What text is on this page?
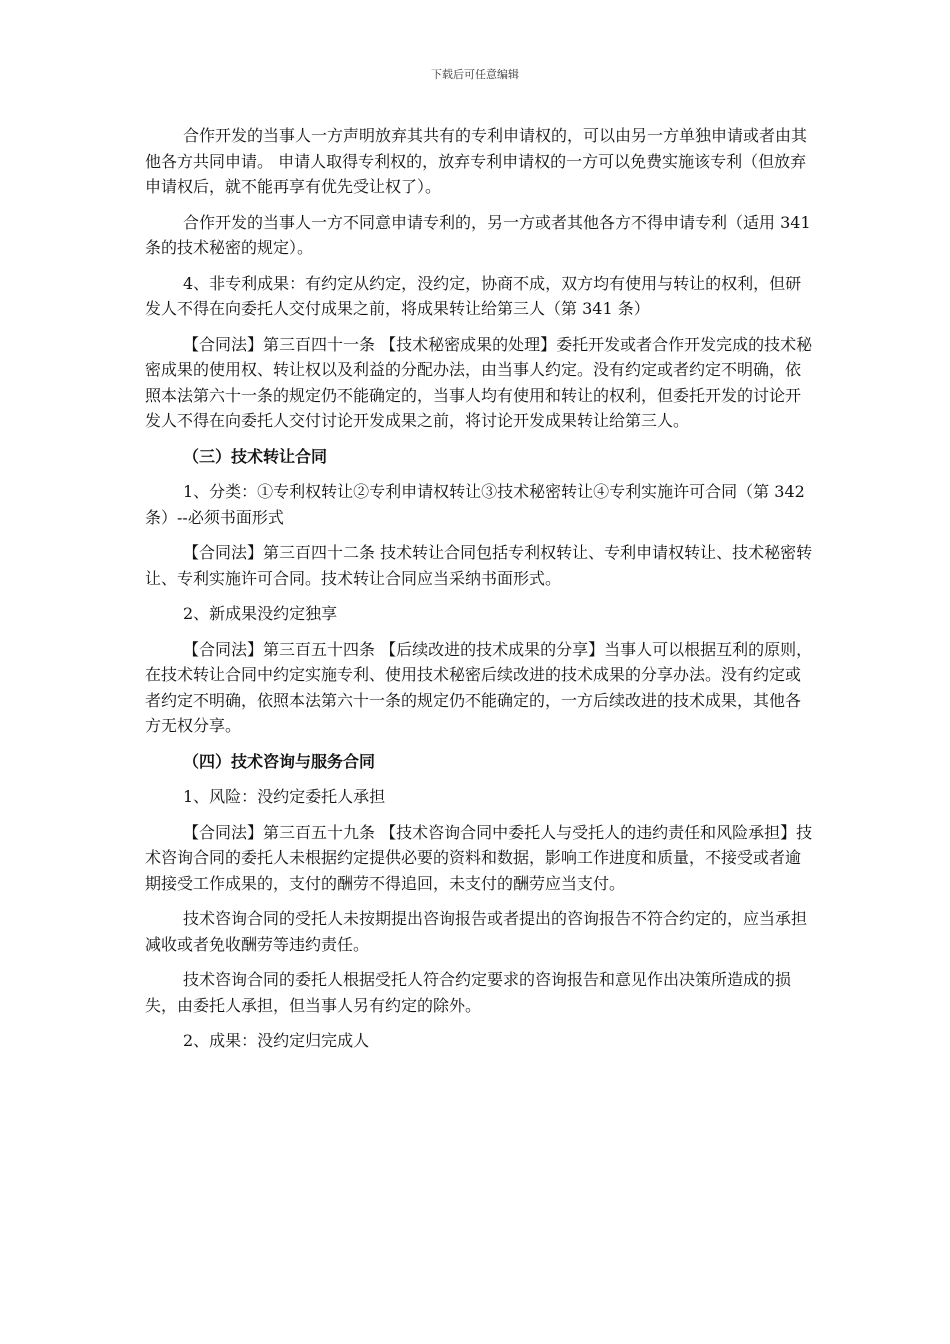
下载后可任意编辑

合作开发的当事人一方声明放弃其共有的专利申请权的，可以由另一方单独申请或者由其他各方共同申请。 申请人取得专利权的，放弃专利申请权的一方可以免费实施该专利（但放弃申请权后，就不能再享有优先受让权了）。

合作开发的当事人一方不同意申请专利的，另一方或者其他各方不得申请专利（适用 341 条的技术秘密的规定）。

4、非专利成果：有约定从约定，没约定，协商不成，双方均有使用与转让的权利，但研发人不得在向委托人交付成果之前，将成果转让给第三人（第 341 条）

【合同法】第三百四十一条 【技术秘密成果的处理】委托开发或者合作开发完成的技术秘密成果的使用权、转让权以及利益的分配办法，由当事人约定。没有约定或者约定不明确，依照本法第六十一条的规定仍不能确定的，当事人均有使用和转让的权利，但委托开发的讨论开发人不得在向委托人交付讨论开发成果之前，将讨论开发成果转让给第三人。

（三）技术转让合同

1、分类：①专利权转让②专利申请权转让③技术秘密转让④专利实施许可合同（第 342 条）--必须书面形式

【合同法】第三百四十二条 技术转让合同包括专利权转让、专利申请权转让、技术秘密转让、专利实施许可合同。技术转让合同应当采纳书面形式。

2、新成果没约定独享

【合同法】第三百五十四条 【后续改进的技术成果的分享】当事人可以根据互利的原则，在技术转让合同中约定实施专利、使用技术秘密后续改进的技术成果的分享办法。没有约定或者约定不明确，依照本法第六十一条的规定仍不能确定的，一方后续改进的技术成果，其他各方无权分享。

（四）技术咨询与服务合同

1、风险：没约定委托人承担

【合同法】第三百五十九条 【技术咨询合同中委托人与受托人的违约责任和风险承担】技术咨询合同的委托人未根据约定提供必要的资料和数据，影响工作进度和质量，不接受或者逾期接受工作成果的，支付的酬劳不得追回，未支付的酬劳应当支付。

技术咨询合同的受托人未按期提出咨询报告或者提出的咨询报告不符合约定的，应当承担减收或者免收酬劳等违约责任。

技术咨询合同的委托人根据受托人符合约定要求的咨询报告和意见作出决策所造成的损失，由委托人承担，但当事人另有约定的除外。

2、成果：没约定归完成人
